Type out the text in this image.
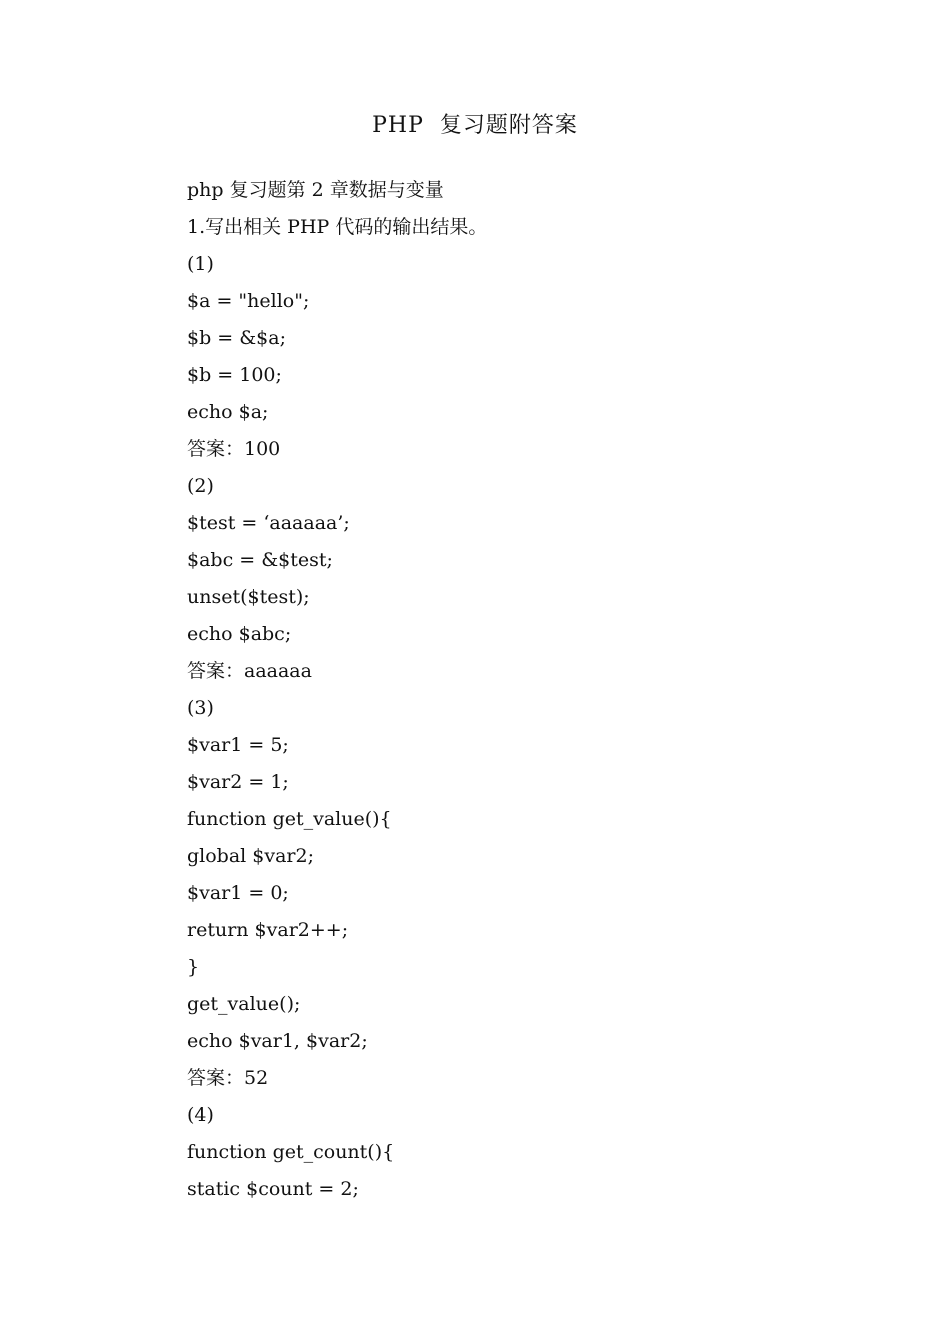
PHP  复习题附答案
php 复习题第 2 章数据与变量
1.写出相关 PHP 代码的输出结果。
(1)
$a = "hello";
$b = &$a;
$b = 100;
echo $a;
答案：100
(2)
$test = ‘aaaaaa’;
$abc = &$test;
unset($test);
echo $abc;
答案：aaaaaa
(3)
$var1 = 5;
$var2 = 1;
function get_value(){
global $var2;
$var1 = 0;
return $var2++;
}
get_value();
echo $var1, $var2;
答案：52
(4)
function get_count(){
static $count = 2;
